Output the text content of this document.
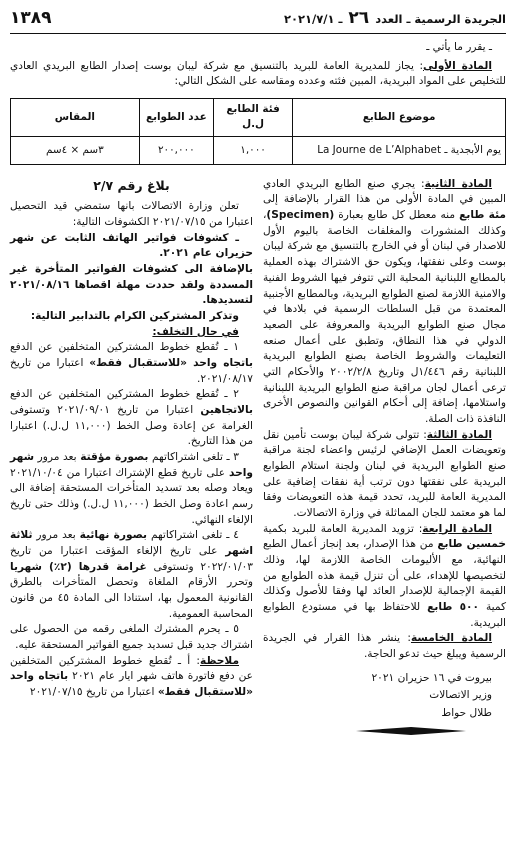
الجريدة الرسمية ـ العدد ٢٦ ـ ٢٠٢١/٧/١
١٣٨٩

ـ يقرر ما يأتي ـ

المادة الأولى: يجاز للمديرية العامة للبريد بالتنسيق مع شركة ليبان بوست إصدار الطابع البريدي العادي للتخليص على المواد البريدية، المبين فئته وعدده ومقاسه على الشكل التالي:

موضوع الطابع	فئة الطابع ل.ل	عدد الطوابع	المقاس
يوم الأبجدية ـ La Journe de L’Alphabet	١,٠٠٠	٢٠٠,٠٠٠	٣سم × ٤سم

المادة الثانية: يجري صنع الطابع البريدي العادي المبين في المادة الأولى من هذا القرار بالإضافة إلى مئة طابع منه معطل كل طابع بعبارة (Specimen)، وكذلك المنشورات والمغلفات الخاصة باليوم الأول للاصدار في لبنان أو في الخارج بالتنسيق مع شركة ليبان بوست وعلى نفقتها، ويكون حق الاشتراك بهذه العملية بالمطابع اللبنانية المحلية التي تتوفر فيها الشروط الفنية والامنية اللازمة لصنع الطوابع البريدية، وبالمطابع الأجنبية المعتمدة من قبل السلطات الرسمية في بلادها في مجال صنع الطوابع البريدية والمعروفة على الصعيد الدولي في هذا النطاق، وتطبق على أعمال صنعه التعليمات والشروط الخاصة بصنع الطوابع البريدية اللبنانية رقم ١/٤٤٦ل وتاريخ ٢٠٠٢/٢/٨ والأحكام التي ترعى أعمال لجان مراقبة صنع الطوابع البريدية اللبنانية واستلامها، إضافة إلى أحكام القوانين والنصوص الأخرى النافذة ذات الصلة.

المادة الثالثة: تتولى شركة ليبان بوست تأمين نقل وتعويضات العمل الإضافي لرئيس واعضاء لجنة مراقبة صنع الطوابع البريدية في لبنان ولجنة استلام الطوابع البريدية على نفقتها دون ترتب أية نفقات إضافية على المديرية العامة للبريد، تحدد قيمة هذه التعويضات وفقا لما هو معتمد للجان المماثلة في وزارة الاتصالات.

المادة الرابعة: تزويد المديرية العامة للبريد بكمية خمسين طابع من هذا الإصدار، بعد إنجاز أعمال الطبع النهائية، مع الأليومات الخاصة اللازمة لها، وذلك لتخصيصها للإهداء، على أن تنزل قيمة هذه الطوابع من القيمة الإجمالية للإصدار العائد لها وفقا للأصول وكذلك كمية ٥٠٠ طابع للاحتفاظ بها في مستودع الطوابع البريدية.

المادة الخامسة: ينشر هذا القرار في الجريدة الرسمية ويبلغ حيث تدعو الحاجة.

بيروت في ١٦ حزيران ٢٠٢١
وزير الاتصالات
طلال حواط
بلاغ رقم ٢/٧

تعلن وزارة الاتصالات بانها ستمضي قيد التحصيل اعتبارا من ٢٠٢١/٠٧/١٥ الكشوفات التالية:

ـ كشوفات فواتير الهاتف الثابت عن شهر حزيران عام ٢٠٢١.

بالإضافة الى كشوفات الفواتير المتأخرة غير المسددة ولقد حددت مهلة اقصاها ٢٠٢١/٠٨/١٦ لتسديدها.

وتذكر المشتركين الكرام بالتدابير التالية:

في حال التخلف:

١ ـ تُقطع خطوط المشتركين المتخلفين عن الدفع باتجاه واحد «للاستقبال فقط» اعتبارا من تاريخ ٢٠٢١/٠٨/١٧.

٢ ـ تُقطع خطوط المشتركين المتخلفين عن الدفع بالاتجاهين اعتبارا من تاريخ ٢٠٢١/٠٩/٠١ وتستوفى الغرامة عن إعادة وصل الخط (١١,٠٠٠ ل.ل.) اعتبارا من هذا التاريخ.

٣ ـ تلغى اشتراكاتهم بصورة مؤقتة بعد مرور شهر واحد على تاريخ قطع الإشتراك اعتبارا من ٢٠٢١/١٠/٠٤ ويعاد وصله بعد تسديد المتأخرات المستحقة إضافة الى رسم اعادة وصل الخط (١١,٠٠٠ ل.ل.) وذلك حتى تاريخ الإلغاء النهائي.

٤ ـ تلغى اشتراكاتهم بصورة نهائية بعد مرور ثلاثة اشهر على تاريخ الإلغاء المؤقت اعتبارا من تاريخ ٢٠٢٢/٠١/٠٣ وتستوفى غرامة قدرها (٢٪) شهريا وتحرر الأرقام الملغاة وتحصل المتأخرات بالطرق القانونية المعمول بها، استنادا الى المادة ٤٥ من قانون المحاسبة العمومية.

٥ ـ يحرم المشترك الملغى رقمه من الحصول على اشتراك جديد قبل تسديد جميع الفواتير المستحقة عليه.

ملاحظة: أ ـ تُقطع خطوط المشتركين المتخلفين عن دفع فاتورة هاتف شهر ايار عام ٢٠٢١ باتجاه واحد «للاستقبال فقط» اعتبارا من تاريخ ٢٠٢١/٠٧/١٥
